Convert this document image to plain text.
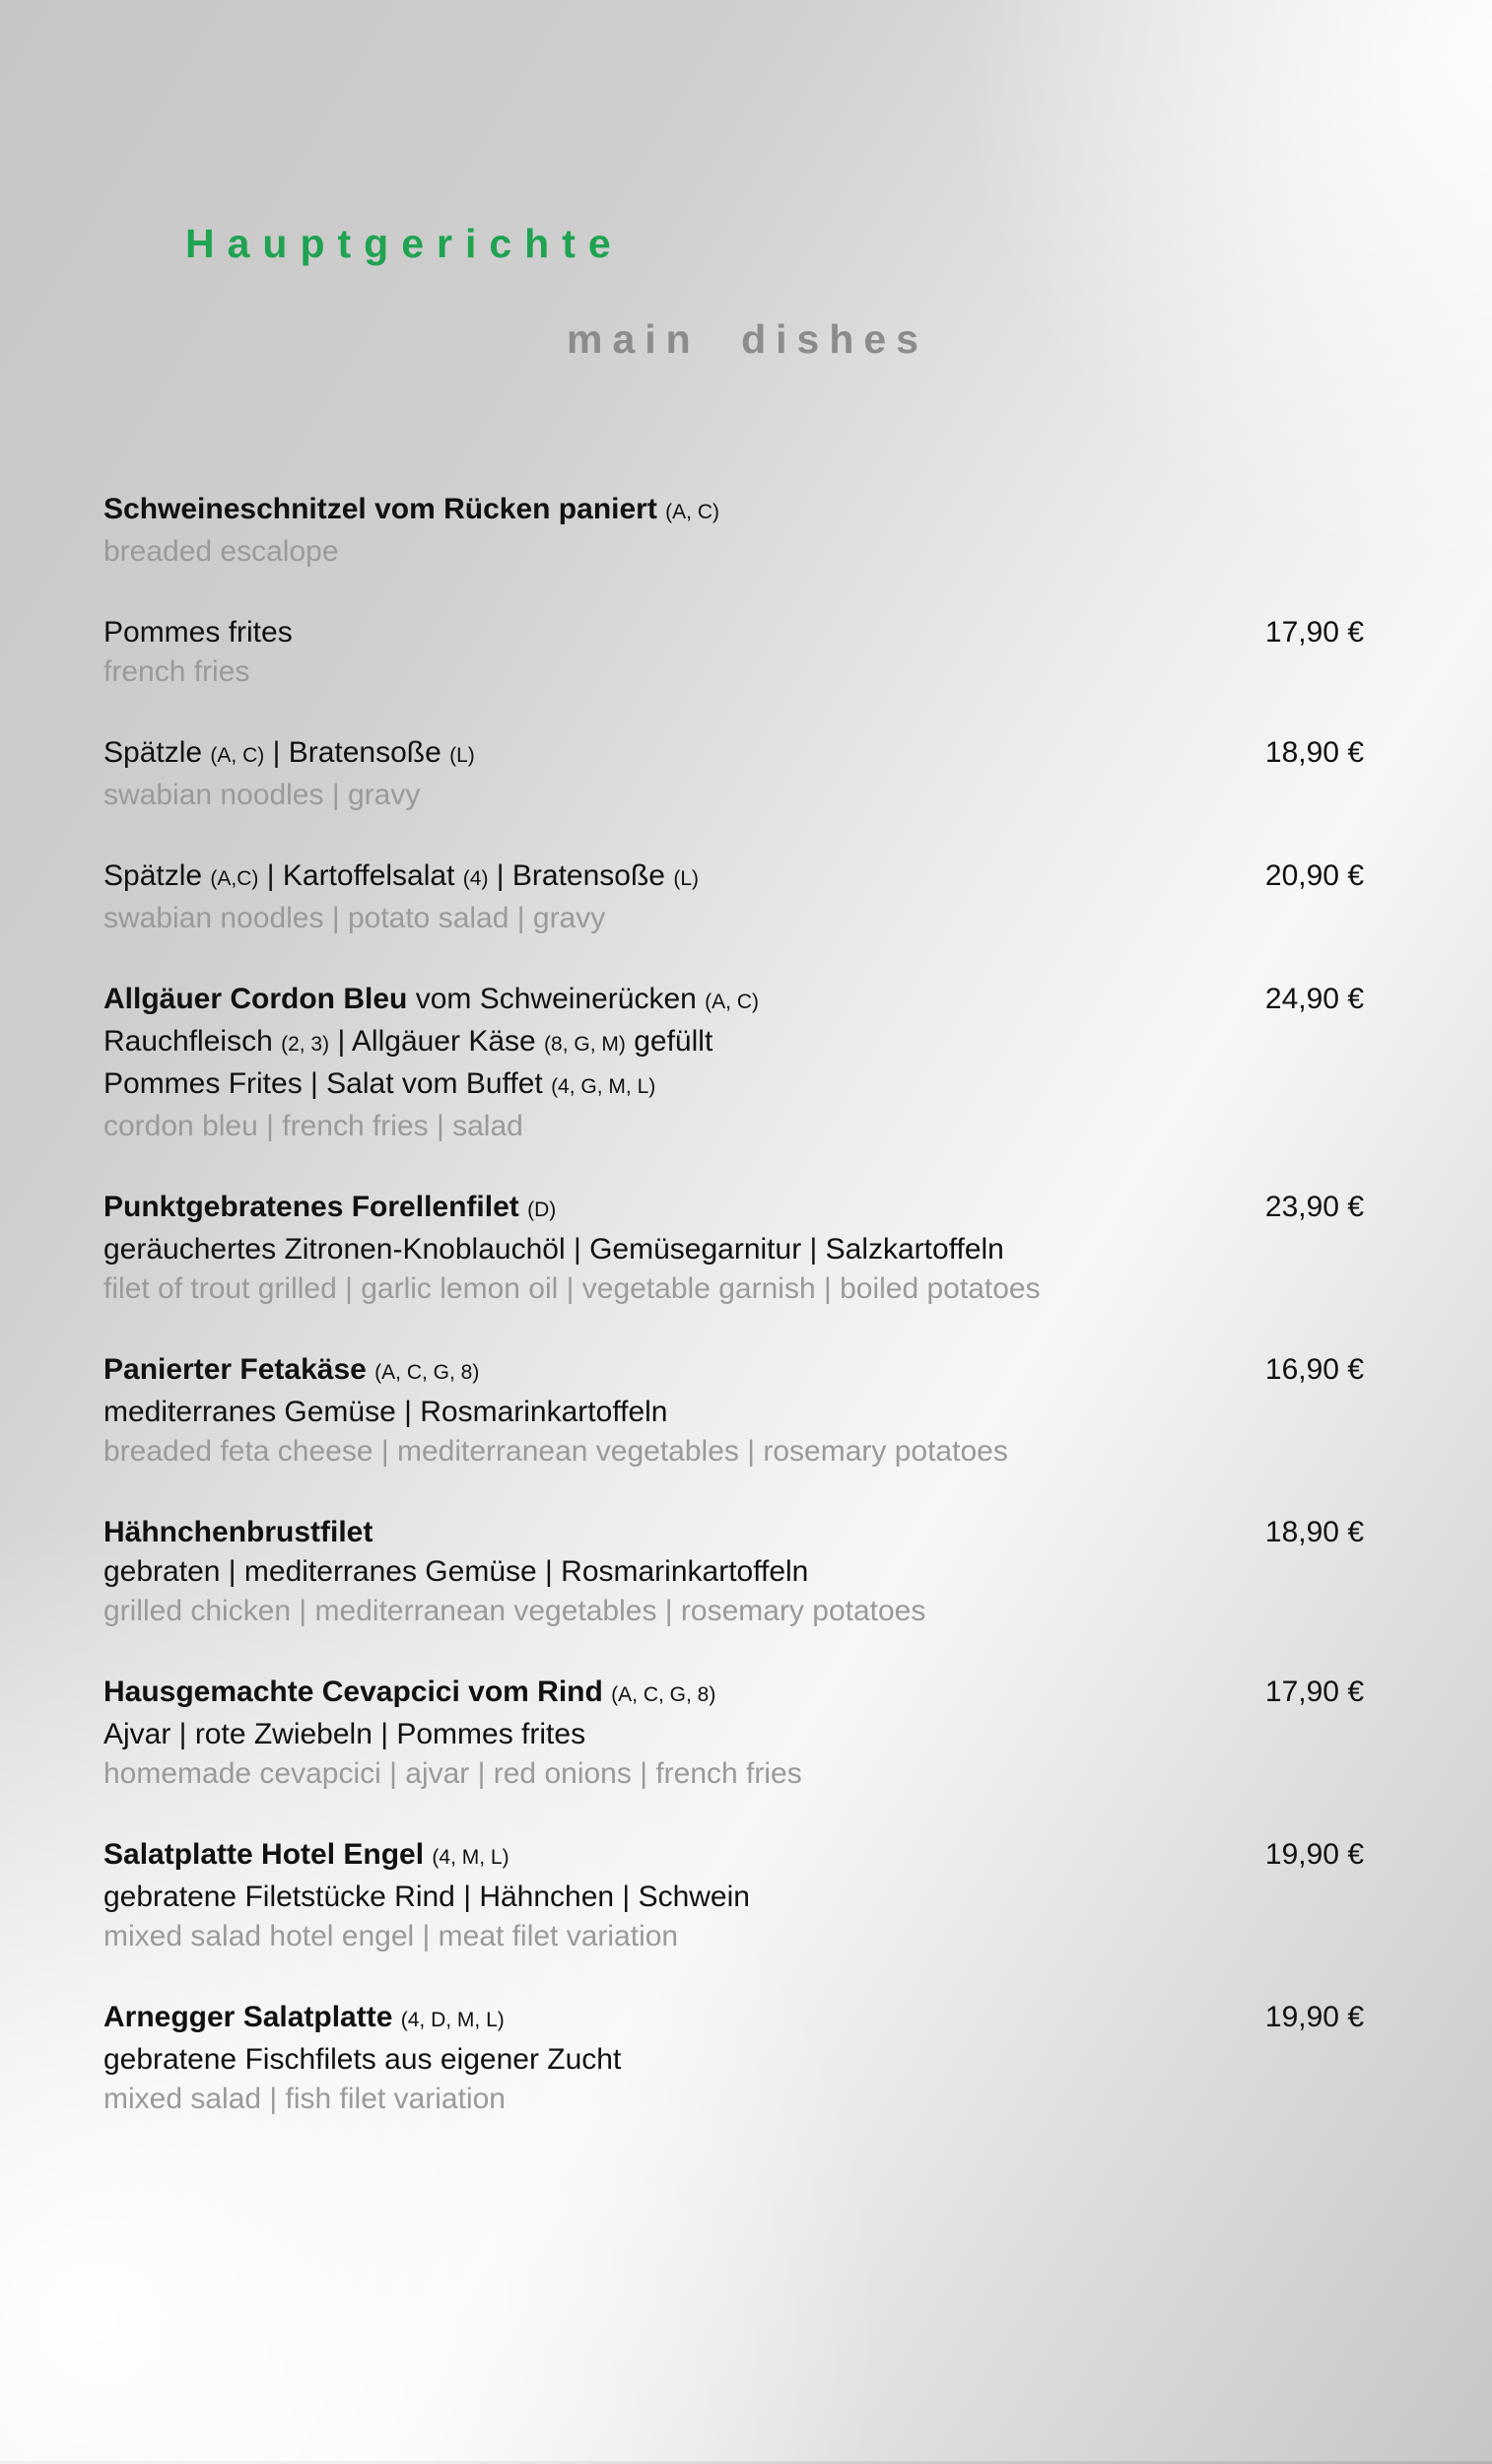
Hauptgerichte
main dishes
Schweineschnitzel vom Rücken paniert (A, C)
breaded escalope
Pommes frites
french fries
17,90 €
Spätzle (A, C) | Bratensoße (L)
swabian noodles | gravy
18,90 €
Spätzle (A,C) | Kartoffelsalat (4) | Bratensoße (L)
swabian noodles | potato salad | gravy
20,90 €
Allgäuer Cordon Bleu vom Schweinerücken (A, C)
Rauchfleisch (2, 3) | Allgäuer Käse (8, G, M) gefüllt
Pommes Frites | Salat vom Buffet (4, G, M, L)
cordon bleu | french fries | salad
24,90 €
Punktgebratenes Forellenfilet (D)
geräuchertes Zitronen-Knoblauchöl | Gemüsegarnitur | Salzkartoffeln
filet of trout grilled | garlic lemon oil | vegetable garnish | boiled potatoes
23,90 €
Panierter Fetakäse (A, C, G, 8)
mediterranes Gemüse | Rosmarinkartoffeln
breaded feta cheese | mediterranean vegetables | rosemary potatoes
16,90 €
Hähnchenbrustfilet
gebraten | mediterranes Gemüse | Rosmarinkartoffeln
grilled chicken | mediterranean vegetables | rosemary potatoes
18,90 €
Hausgemachte Cevapcici vom Rind (A, C, G, 8)
Ajvar | rote Zwiebeln | Pommes frites
homemade cevapcici | ajvar | red onions | french fries
17,90 €
Salatplatte Hotel Engel (4, M, L)
gebratene Filetstücke Rind | Hähnchen | Schwein
mixed salad hotel engel | meat filet variation
19,90 €
Arnegger Salatplatte (4, D, M, L)
gebratene Fischfilets aus eigener Zucht
mixed salad | fish filet variation
19,90 €
